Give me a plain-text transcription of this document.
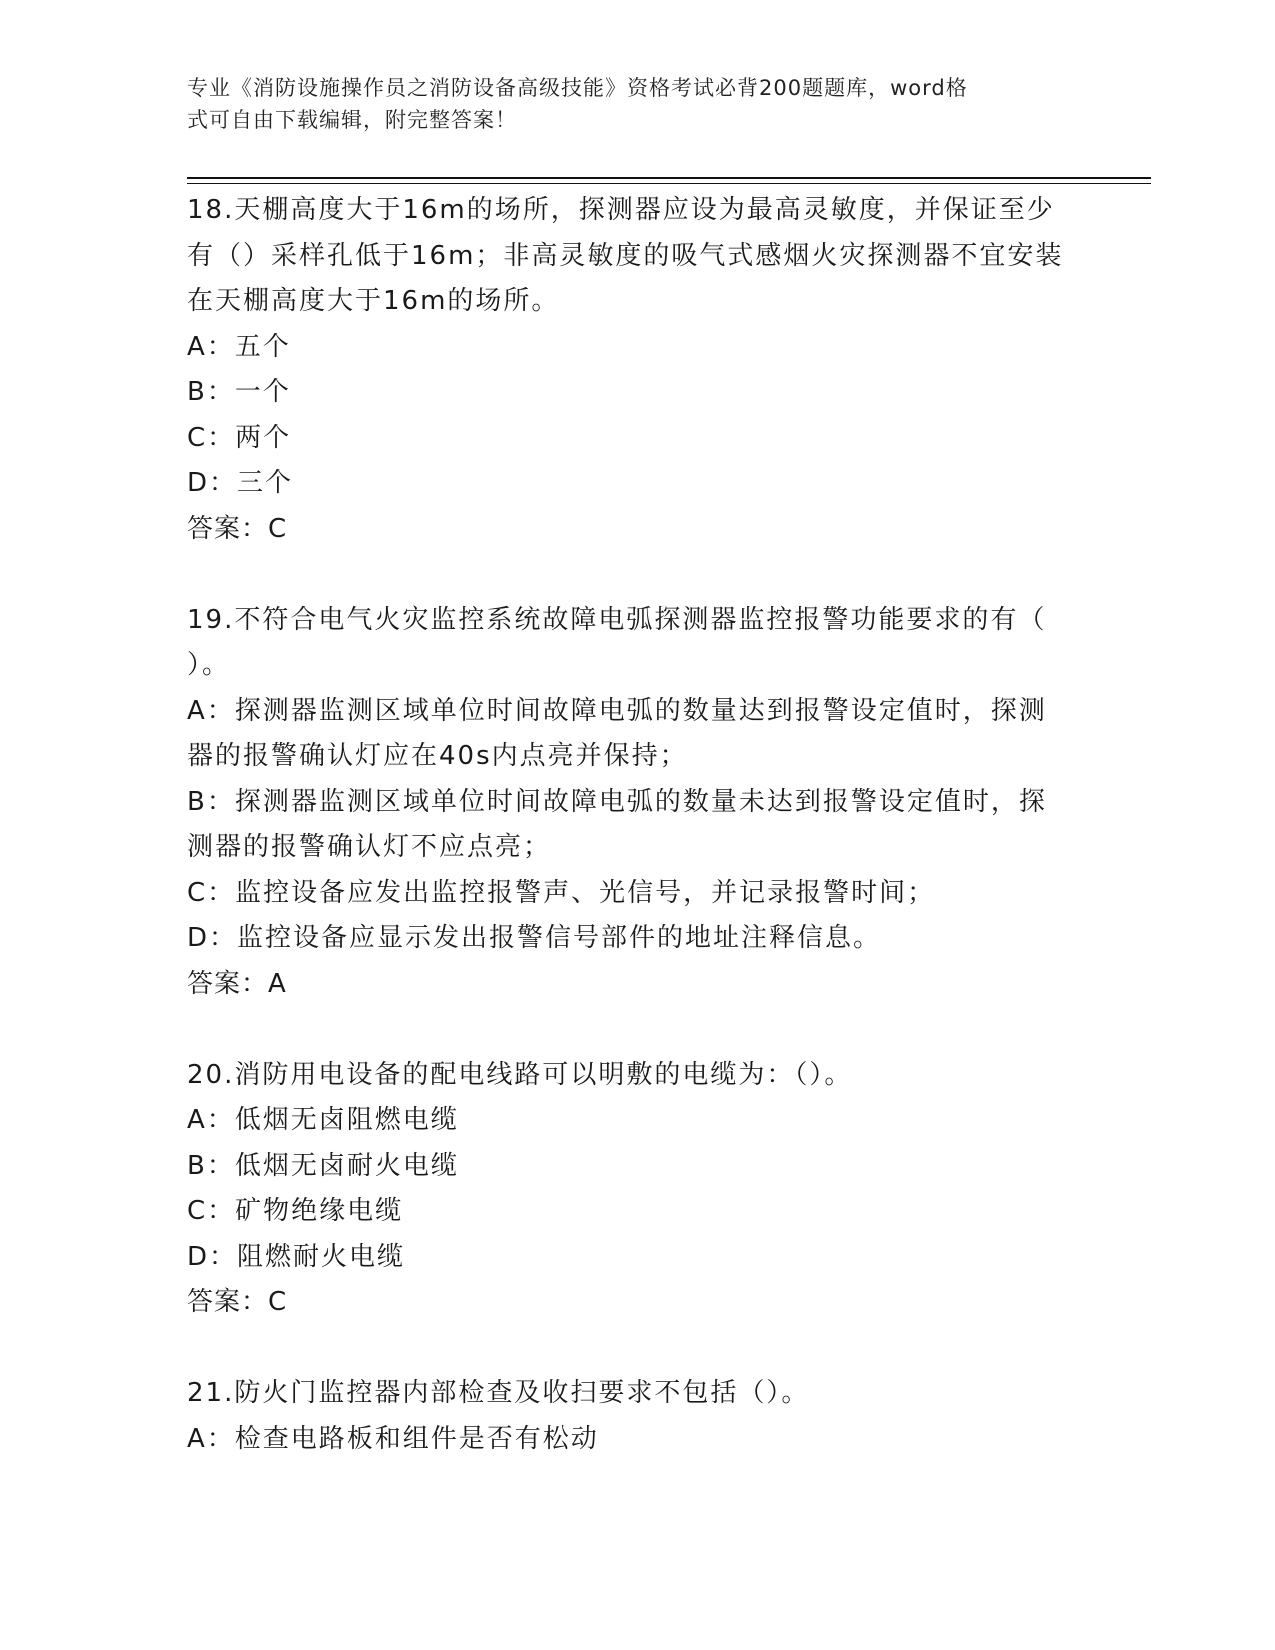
专业《消防设施操作员之消防设备高级技能》资格考试必背200题题库，word格
式可自由下载编辑，附完整答案！
18.天棚高度大于16m的场所，探测器应设为最高灵敏度，并保证至少
有（）采样孔低于16m；非高灵敏度的吸气式感烟火灾探测器不宜安装
在天棚高度大于16m的场所。
A：五个
B：一个
C：两个
D：三个
答案：C
19.不符合电气火灾监控系统故障电弧探测器监控报警功能要求的有（
）。
A：探测器监测区域单位时间故障电弧的数量达到报警设定值时，探测
器的报警确认灯应在40s内点亮并保持；
B：探测器监测区域单位时间故障电弧的数量未达到报警设定值时，探
测器的报警确认灯不应点亮；
C：监控设备应发出监控报警声、光信号，并记录报警时间；
D：监控设备应显示发出报警信号部件的地址注释信息。
答案：A
20.消防用电设备的配电线路可以明敷的电缆为：（）。
A：低烟无卤阻燃电缆
B：低烟无卤耐火电缆
C：矿物绝缘电缆
D：阻燃耐火电缆
答案：C
21.防火门监控器内部检查及收扫要求不包括（）。
A：检查电路板和组件是否有松动
